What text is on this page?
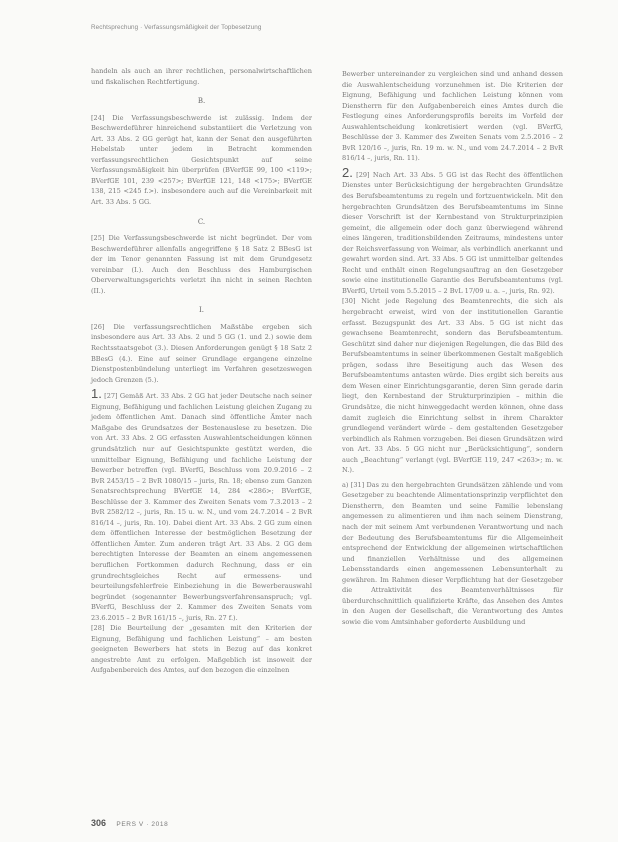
Rechtsprechung · Verfassungsmäßigkeit der Topbesetzung

handeln als auch an ihrer rechtlichen, personalwirtschaftlichen und fiskalischen Rechtfertigung.

B.

[24] Die Verfassungsbeschwerde ist zulässig. Indem der Beschwerdeführer hinreichend substantiiert die Verletzung von Art. 33 Abs. 2 GG gerügt hat, kann der Senat den ausgeführten Hebelstab unter jedem in Betracht kommenden verfassungsrechtlichen Gesichtspunkt auf seine Verfassungsmäßigkeit hin überprüfen (BVerfGE 99, 100 <119>; BVerfGE 101, 239 <257>; BVerfGE 121, 148 <175>; BVerfGE 138, 215 <245 f.>). insbesondere auch auf die Vereinbarkeit mit Art. 33 Abs. 5 GG.

C.

[25] Die Verfassungsbeschwerde ist nicht begründet. Der vom Beschwerdeführer allenfalls angegriffene § 18 Satz 2 BBesG ist der im Tenor genannten Fassung ist mit dem Grundgesetz vereinbar (I.). Auch den Beschluss des Hamburgischen Oberverwaltungsgerichts verletzt ihn nicht in seinen Rechten (II.).

I.

[26] Die verfassungsrechtlichen Maßstäbe ergeben sich insbesondere aus Art. 33 Abs. 2 und 5 GG (1. und 2.) sowie dem Rechtsstaatsgebot (3.). Diesen Anforderungen genügt § 18 Satz 2 BBesG (4.). Eine auf seiner Grundlage ergangene einzelne Dienstpostenbündelung unterliegt im Verfahren gesetzeswegen jedoch Grenzen (5.).

1. [27] Gemäß Art. 33 Abs. 2 GG hat jeder Deutsche nach seiner Eignung, Befähigung und fachlichen Leistung gleichen Zugang zu jedem öffentlichen Amt. Danach sind öffentliche Ämter nach Maßgabe des Grundsatzes der Bestenauslese zu besetzen. Die von Art. 33 Abs. 2 GG erfassten Auswahlentscheidungen können grundsätzlich nur auf Gesichtspunkte gestützt werden, die unmittelbar Eignung, Befähigung und fachliche Leistung der Bewerber betreffen (vgl. BVerfG, Beschluss vom 20.9.2016 – 2 BvR 2453/15 – 2 BvR 1080/15 – juris, Rn. 18; ebenso zum Ganzen Senatsrechtsprechung BVerfGE 14, 284 <286>; BVerfGE, Beschlüsse der 3. Kammer des Zweiten Senats vom 7.3.2013 – 2 BvR 2582/12 –, juris, Rn. 15 u. w. N., und vom 24.7.2014 – 2 BvR 816/14 –, juris, Rn. 10). Dabei dient Art. 33 Abs. 2 GG zum einen dem öffentlichen Interesse der bestmöglichen Besetzung der öffentlichen Ämter. Zum anderen trägt Art. 33 Abs. 2 GG dem berechtigten Interesse der Beamten an einem angemessenen beruflichen Fortkommen dadurch Rechnung, dass er ein grundrechtsgleiches Recht auf ermessens- und beurteilungsfehlerfreie Einbeziehung in die Bewerberauswahl begründet (sogenannter Bewerbungsverfahrensanspruch; vgl. BVerfG, Beschluss der 2. Kammer des Zweiten Senats vom 23.6.2015 – 2 BvR 161/15 –, juris, Rn. 27 f.).

[28] Die Beurteilung der „gesamten mit den Kriterien der Eignung, Befähigung und fachlichen Leistung“ – am besten geeigneten Bewerbers hat stets in Bezug auf das konkret angestrebte Amt zu erfolgen. Maßgeblich ist insoweit der Aufgabenbereich des Amtes, auf den bezogen die einzelnen

Bewerber untereinander zu vergleichen sind und anhand dessen die Auswahlentscheidung vorzunehmen ist. Die Kriterien der Eignung, Befähigung und fachlichen Leistung können vom Dienstherrn für den Aufgabenbereich eines Amtes durch die Festlegung eines Anforderungsprofils bereits im Vorfeld der Auswahlentscheidung konkretisiert werden (vgl. BVerfG, Beschlüsse der 3. Kammer des Zweiten Senats vom 2.5.2016 – 2 BvR 120/16 –, juris, Rn. 19 m. w. N., und vom 24.7.2014 – 2 BvR 816/14 –, juris, Rn. 11).

2. [29] Nach Art. 33 Abs. 5 GG ist das Recht des öffentlichen Dienstes unter Berücksichtigung der hergebrachten Grundsätze des Berufsbeamtentums zu regeln und fortzuentwickeln. Mit den hergebrachten Grundsätzen des Berufsbeamtentums im Sinne dieser Vorschrift ist der Kernbestand von Strukturprinzipien gemeint, die allgemein oder doch ganz überwiegend während eines längeren, traditionsbildenden Zeitraums, mindestens unter der Reichsverfassung von Weimar, als verbindlich anerkannt und gewahrt worden sind. Art. 33 Abs. 5 GG ist unmittelbar geltendes Recht und enthält einen Regelungsauftrag an den Gesetzgeber sowie eine institutionelle Garantie des Berufsbeamtentums (vgl. BVerfG, Urteil vom 5.5.2015 – 2 BvL 17/09 u. a. –, juris, Rn. 92).

[30] Nicht jede Regelung des Beamtenrechts, die sich als hergebracht erweist, wird von der institutionellen Garantie erfasst. Bezugspunkt des Art. 33 Abs. 5 GG ist nicht das gewachsene Beamtenrecht, sondern das Berufsbeamtentum. Geschützt sind daher nur diejenigen Regelungen, die das Bild des Berufsbeamtentums in seiner überkommenen Gestalt maßgeblich prägen, sodass ihre Beseitigung auch das Wesen des Berufsbeamtentums antasten würde. Dies ergibt sich bereits aus dem Wesen einer Einrichtungsgarantie, deren Sinn gerade darin liegt, den Kernbestand der Strukturprinzipien – mithin die Grundsätze, die nicht hinweggedacht werden können, ohne dass damit zugleich die Einrichtung selbst in ihrem Charakter grundlegend verändert würde – dem gestaltenden Gesetzgeber verbindlich als Rahmen vorzugeben. Bei diesen Grundsätzen wird von Art. 33 Abs. 5 GG nicht nur „Berücksichtigung“, sondern auch „Beachtung“ verlangt (vgl. BVerfGE 119, 247 <263>; m. w. N.).

a) [31] Das zu den hergebrachten Grundsätzen zählende und vom Gesetzgeber zu beachtende Alimentationsprinzip verpflichtet den Dienstherrn, den Beamten und seine Familie lebenslang angemessen zu alimentieren und ihm nach seinem Dienstrang, nach der mit seinem Amt verbundenen Verantwortung und nach der Bedeutung des Berufsbeamtentums für die Allgemeinheit entsprechend der Entwicklung der allgemeinen wirtschaftlichen und finanziellen Verhältnisse und des allgemeinen Lebensstandards einen angemessenen Lebensunterhalt zu gewähren. Im Rahmen dieser Verpflichtung hat der Gesetzgeber die Attraktivität des Beamtenverhältnisses für überdurchschnittlich qualifizierte Kräfte, das Ansehen des Amtes in den Augen der Gesellschaft, die Verantwortung des Amtes sowie die vom Amtsinhaber geforderte Ausbildung und

306 PERS V · 2018
